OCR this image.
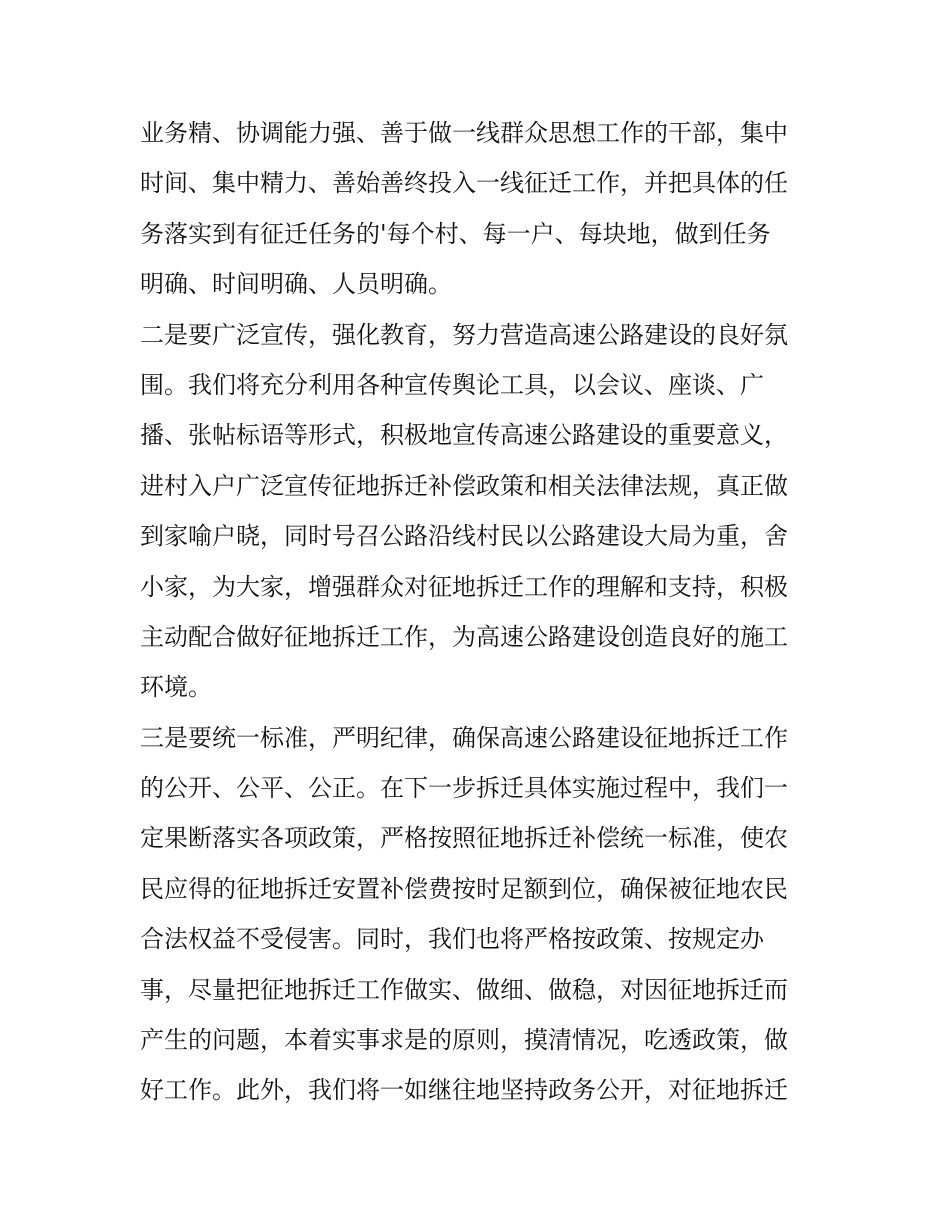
业务精、协调能力强、善于做一线群众思想工作的干部，集中

时间、集中精力、善始善终投入一线征迁工作，并把具体的任

务落实到有征迁任务的'每个村、每一户、每块地，做到任务

明确、时间明确、人员明确。

二是要广泛宣传，强化教育，努力营造高速公路建设的良好氛

围。我们将充分利用各种宣传舆论工具，以会议、座谈、广

播、张帖标语等形式，积极地宣传高速公路建设的重要意义，

进村入户广泛宣传征地拆迁补偿政策和相关法律法规，真正做

到家喻户晓，同时号召公路沿线村民以公路建设大局为重，舍

小家，为大家，增强群众对征地拆迁工作的理解和支持，积极

主动配合做好征地拆迁工作，为高速公路建设创造良好的施工

环境。

三是要统一标准，严明纪律，确保高速公路建设征地拆迁工作

的公开、公平、公正。在下一步拆迁具体实施过程中，我们一

定果断落实各项政策，严格按照征地拆迁补偿统一标准，使农

民应得的征地拆迁安置补偿费按时足额到位，确保被征地农民

合法权益不受侵害。同时，我们也将严格按政策、按规定办

事，尽量把征地拆迁工作做实、做细、做稳，对因征地拆迁而

产生的问题，本着实事求是的原则，摸清情况，吃透政策，做

好工作。此外，我们将一如继往地坚持政务公开，对征地拆迁
